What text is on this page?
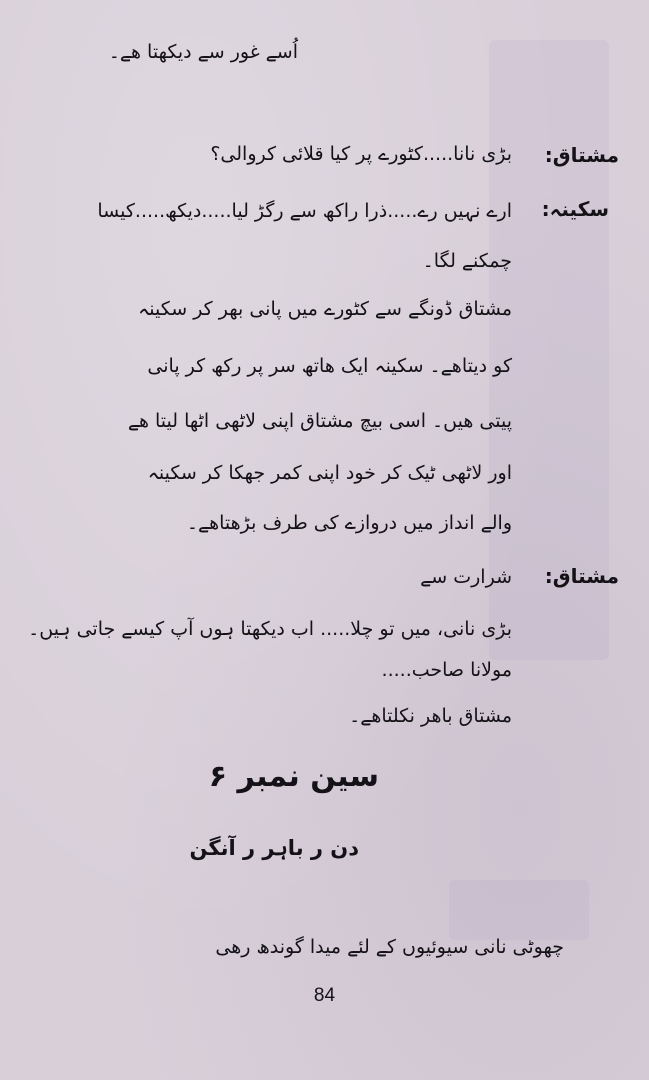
اُسے غور سے دیکھتا ھے۔
مشتاق:
بڑی نانا.....کٹورے پر کیا قلائی کروالی؟
سکینہ:
ارے نہیں رے.....ذرا راکھ سے رگڑ لیا.....دیکھ.....کیسا
چمکنے لگا۔
مشتاق ڈونگے سے کٹورے میں پانی بھر کر سکینہ
کو دیتاھے۔ سکینہ ایک ھاتھ سر پر رکھ کر پانی
پیتی ھیں۔ اسی بیچ مشتاق اپنی لاٹھی اٹھا لیتا ھے
اور لاٹھی ٹیک کر خود اپنی کمر جھکا کر سکینہ
والے انداز میں دروازے کی طرف بڑھتاھے۔
مشتاق:
شرارت سے
بڑی نانی، میں تو چلا..... اب دیکھتا ہوں آپ کیسے جاتی ہیں۔
مولانا صاحب.....
مشتاق باھر نکلتاھے۔
سین نمبر ۶
دن ر باہر ر آنگن
چھوٹی نانی سیوئیوں کے لئے میدا گوندھ رھی
84
